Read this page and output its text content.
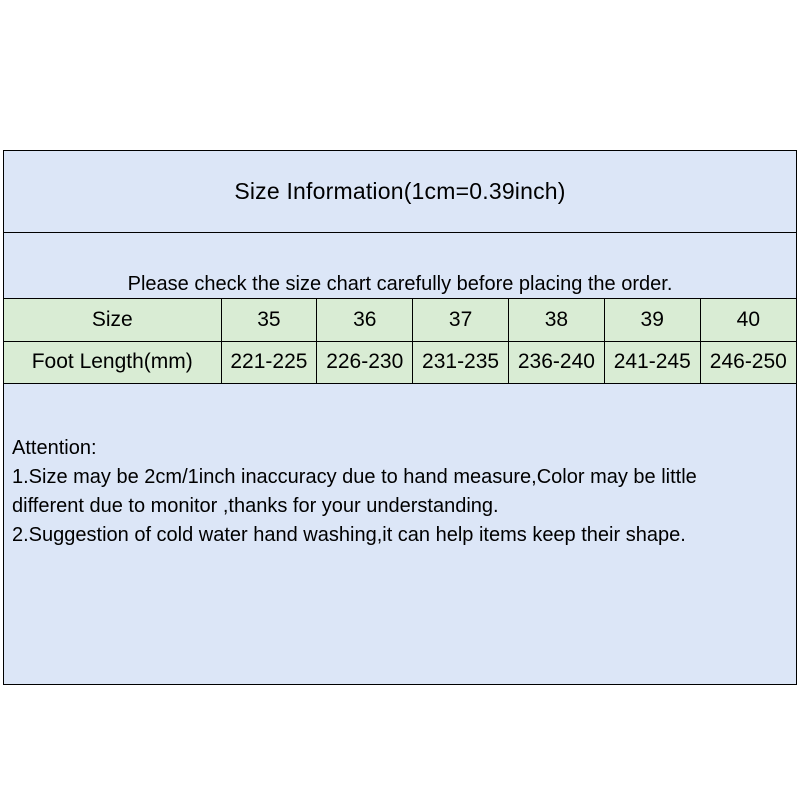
Size Information(1cm=0.39inch)
Please check the size chart carefully before placing the order.
Size	35	36	37	38	39	40
Foot Length(mm)	221-225	226-230	231-235	236-240	241-245	246-250
Attention:
1.Size may be 2cm/1inch inaccuracy due to hand measure,Color may be little
different due to monitor ,thanks for your understanding.
2.Suggestion of cold water hand washing,it can help items keep their shape.
